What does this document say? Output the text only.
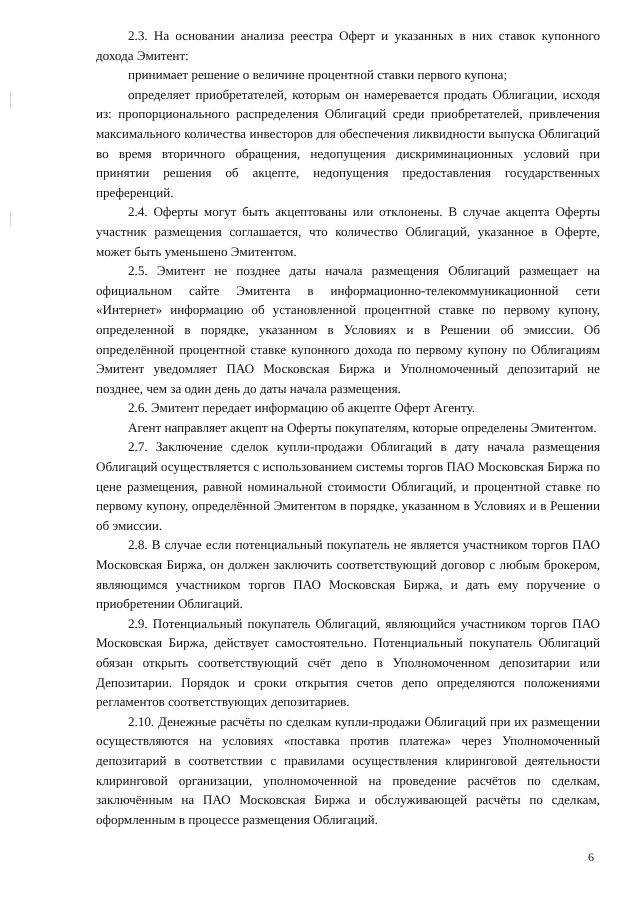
2.3. На основании анализа реестра Оферт и указанных в них ставок купонного дохода Эмитент:

принимает решение о величине процентной ставки первого купона;

определяет приобретателей, которым он намеревается продать Облигации, исходя из: пропорционального распределения Облигаций среди приобретателей, привлечения максимального количества инвесторов для обеспечения ликвидности выпуска Облигаций во время вторичного обращения, недопущения дискриминационных условий при принятии решения об акцепте, недопущения предоставления государственных преференций.

2.4. Оферты могут быть акцептованы или отклонены. В случае акцепта Оферты участник размещения соглашается, что количество Облигаций, указанное в Оферте, может быть уменьшено Эмитентом.

2.5. Эмитент не позднее даты начала размещения Облигаций размещает на официальном сайте Эмитента в информационно-телекоммуникационной сети «Интернет» информацию об установленной процентной ставке по первому купону, определенной в порядке, указанном в Условиях и в Решении об эмиссии. Об определённой процентной ставке купонного дохода по первому купону по Облигациям Эмитент уведомляет ПАО Московская Биржа и Уполномоченный депозитарий не позднее, чем за один день до даты начала размещения.

2.6. Эмитент передает информацию об акцепте Оферт Агенту.

Агент направляет акцепт на Оферты покупателям, которые определены Эмитентом.

2.7. Заключение сделок купли-продажи Облигаций в дату начала размещения Облигаций осуществляется с использованием системы торгов ПАО Московская Биржа по цене размещения, равной номинальной стоимости Облигаций, и процентной ставке по первому купону, определённой Эмитентом в порядке, указанном в Условиях и в Решении об эмиссии.

2.8. В случае если потенциальный покупатель не является участником торгов ПАО Московская Биржа, он должен заключить соответствующий договор с любым брокером, являющимся участником торгов ПАО Московская Биржа, и дать ему поручение о приобретении Облигаций.

2.9. Потенциальный покупатель Облигаций, являющийся участником торгов ПАО Московская Биржа, действует самостоятельно. Потенциальный покупатель Облигаций обязан открыть соответствующий счёт депо в Уполномоченном депозитарии или Депозитарии. Порядок и сроки открытия счетов депо определяются положениями регламентов соответствующих депозитариев.

2.10. Денежные расчёты по сделкам купли-продажи Облигаций при их размещении осуществляются на условиях «поставка против платежа» через Уполномоченный депозитарий в соответствии с правилами осуществления клиринговой деятельности клиринговой организации, уполномоченной на проведение расчётов по сделкам, заключённым на ПАО Московская Биржа и обслуживающей расчёты по сделкам, оформленным в процессе размещения Облигаций.

6
